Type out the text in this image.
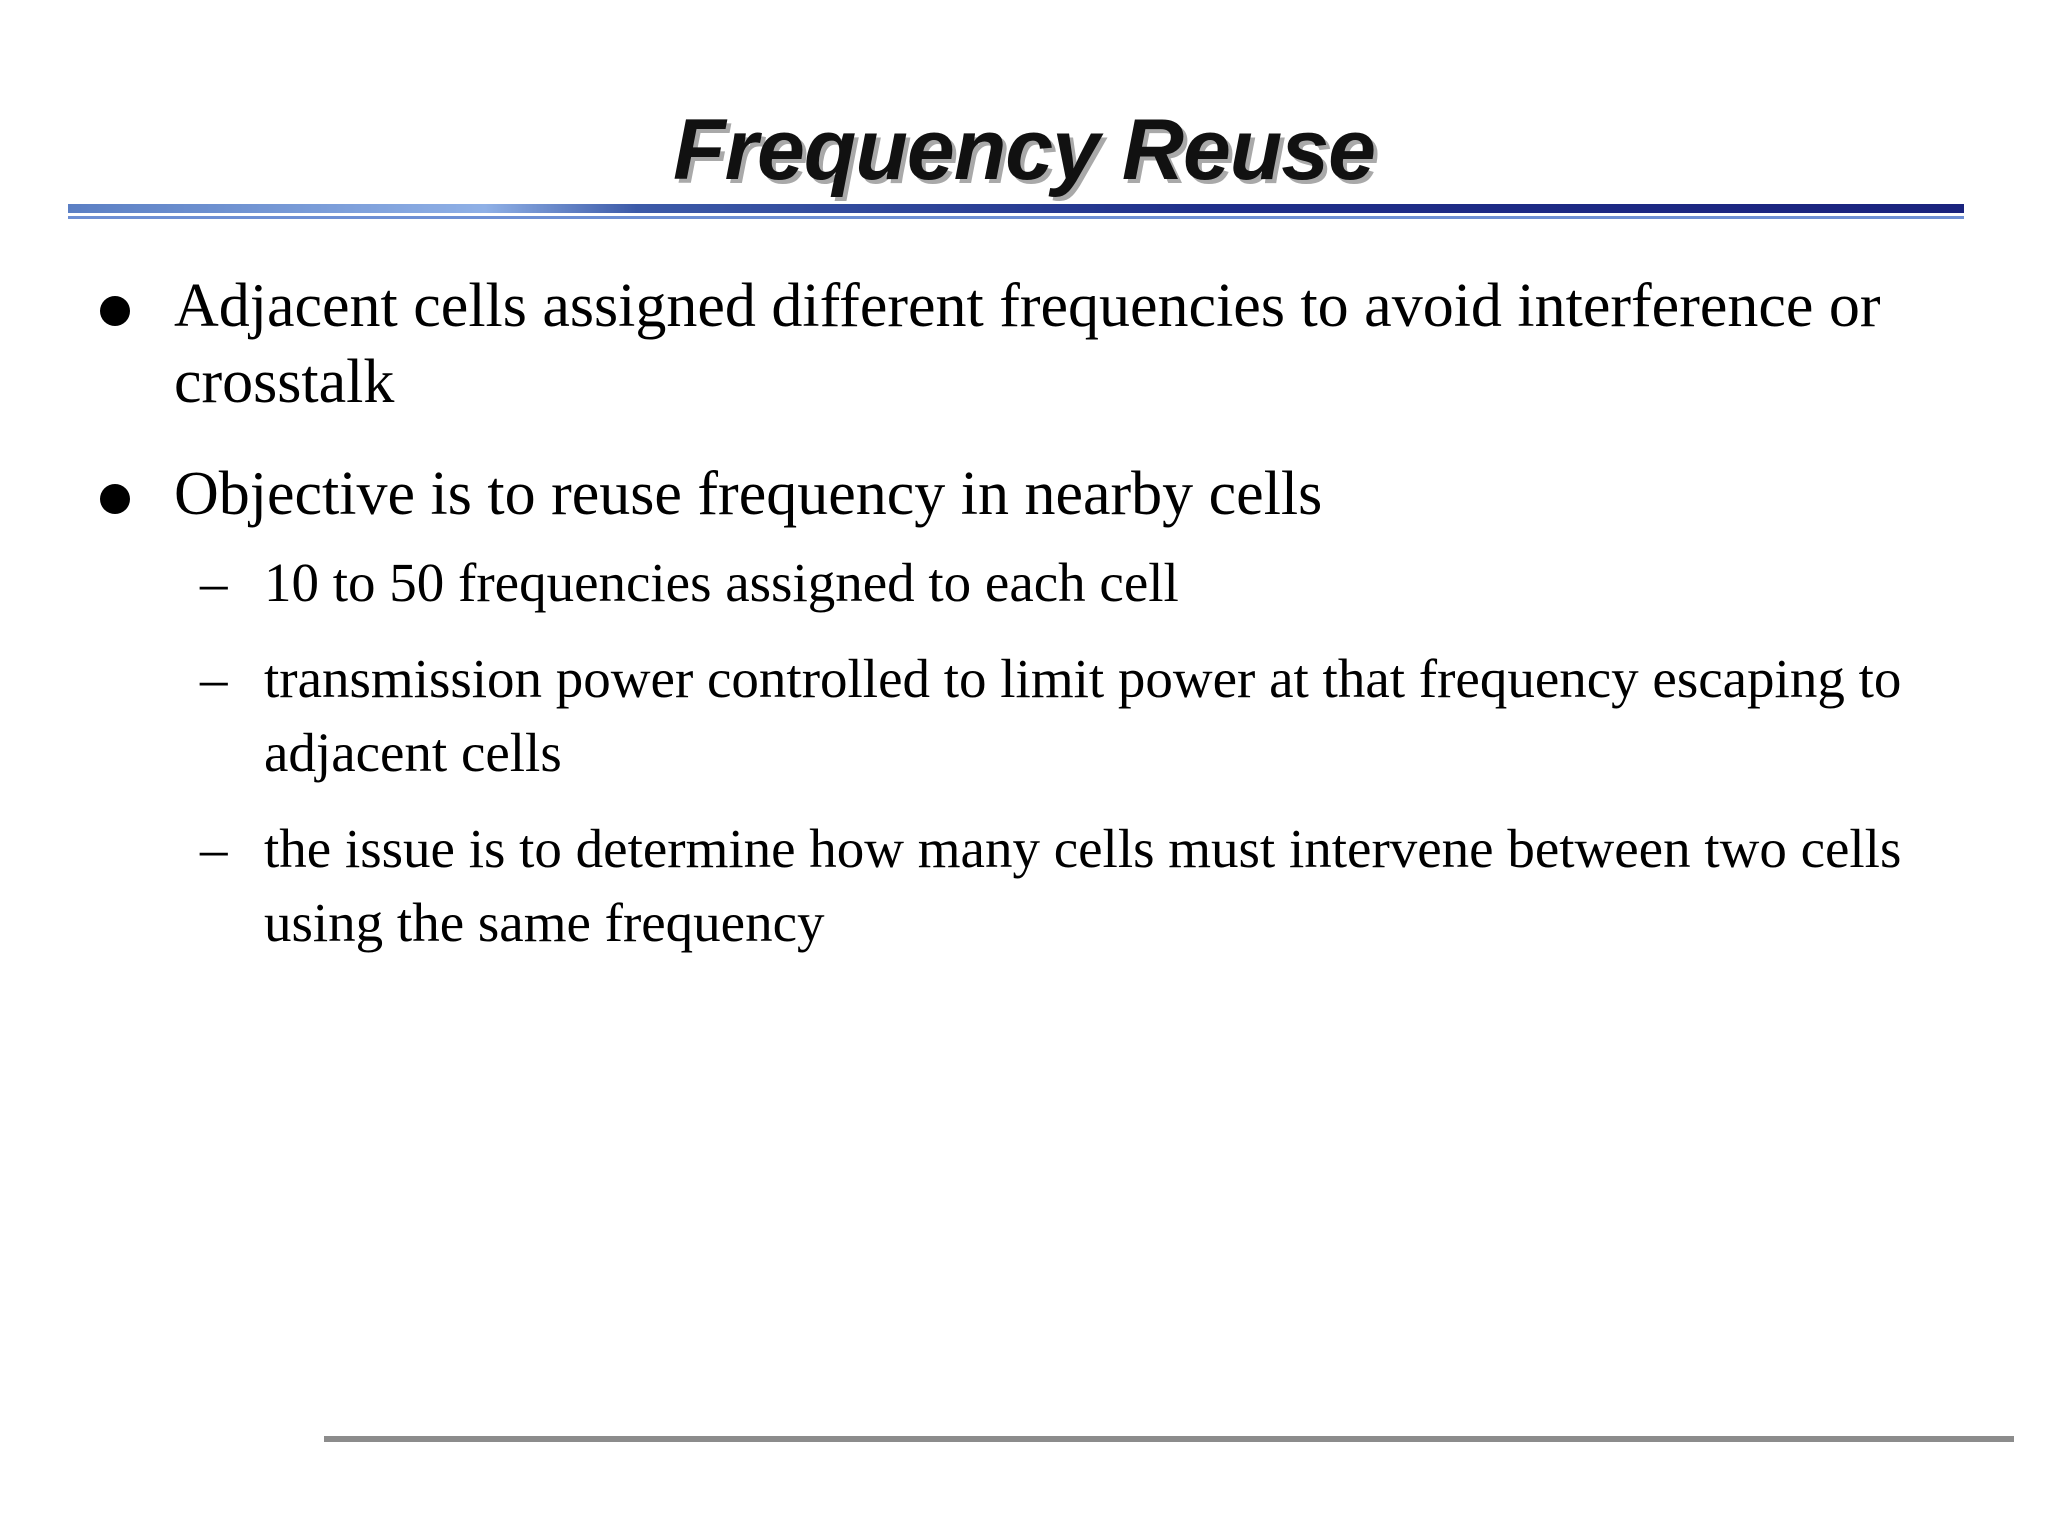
Frequency Reuse
Adjacent cells assigned different frequencies to avoid interference or crosstalk
Objective is to reuse frequency in nearby cells
– 10 to 50 frequencies assigned to each cell
– transmission power controlled to limit power at that frequency escaping to adjacent cells
– the issue is to determine how many cells must intervene between two cells using the same frequency
